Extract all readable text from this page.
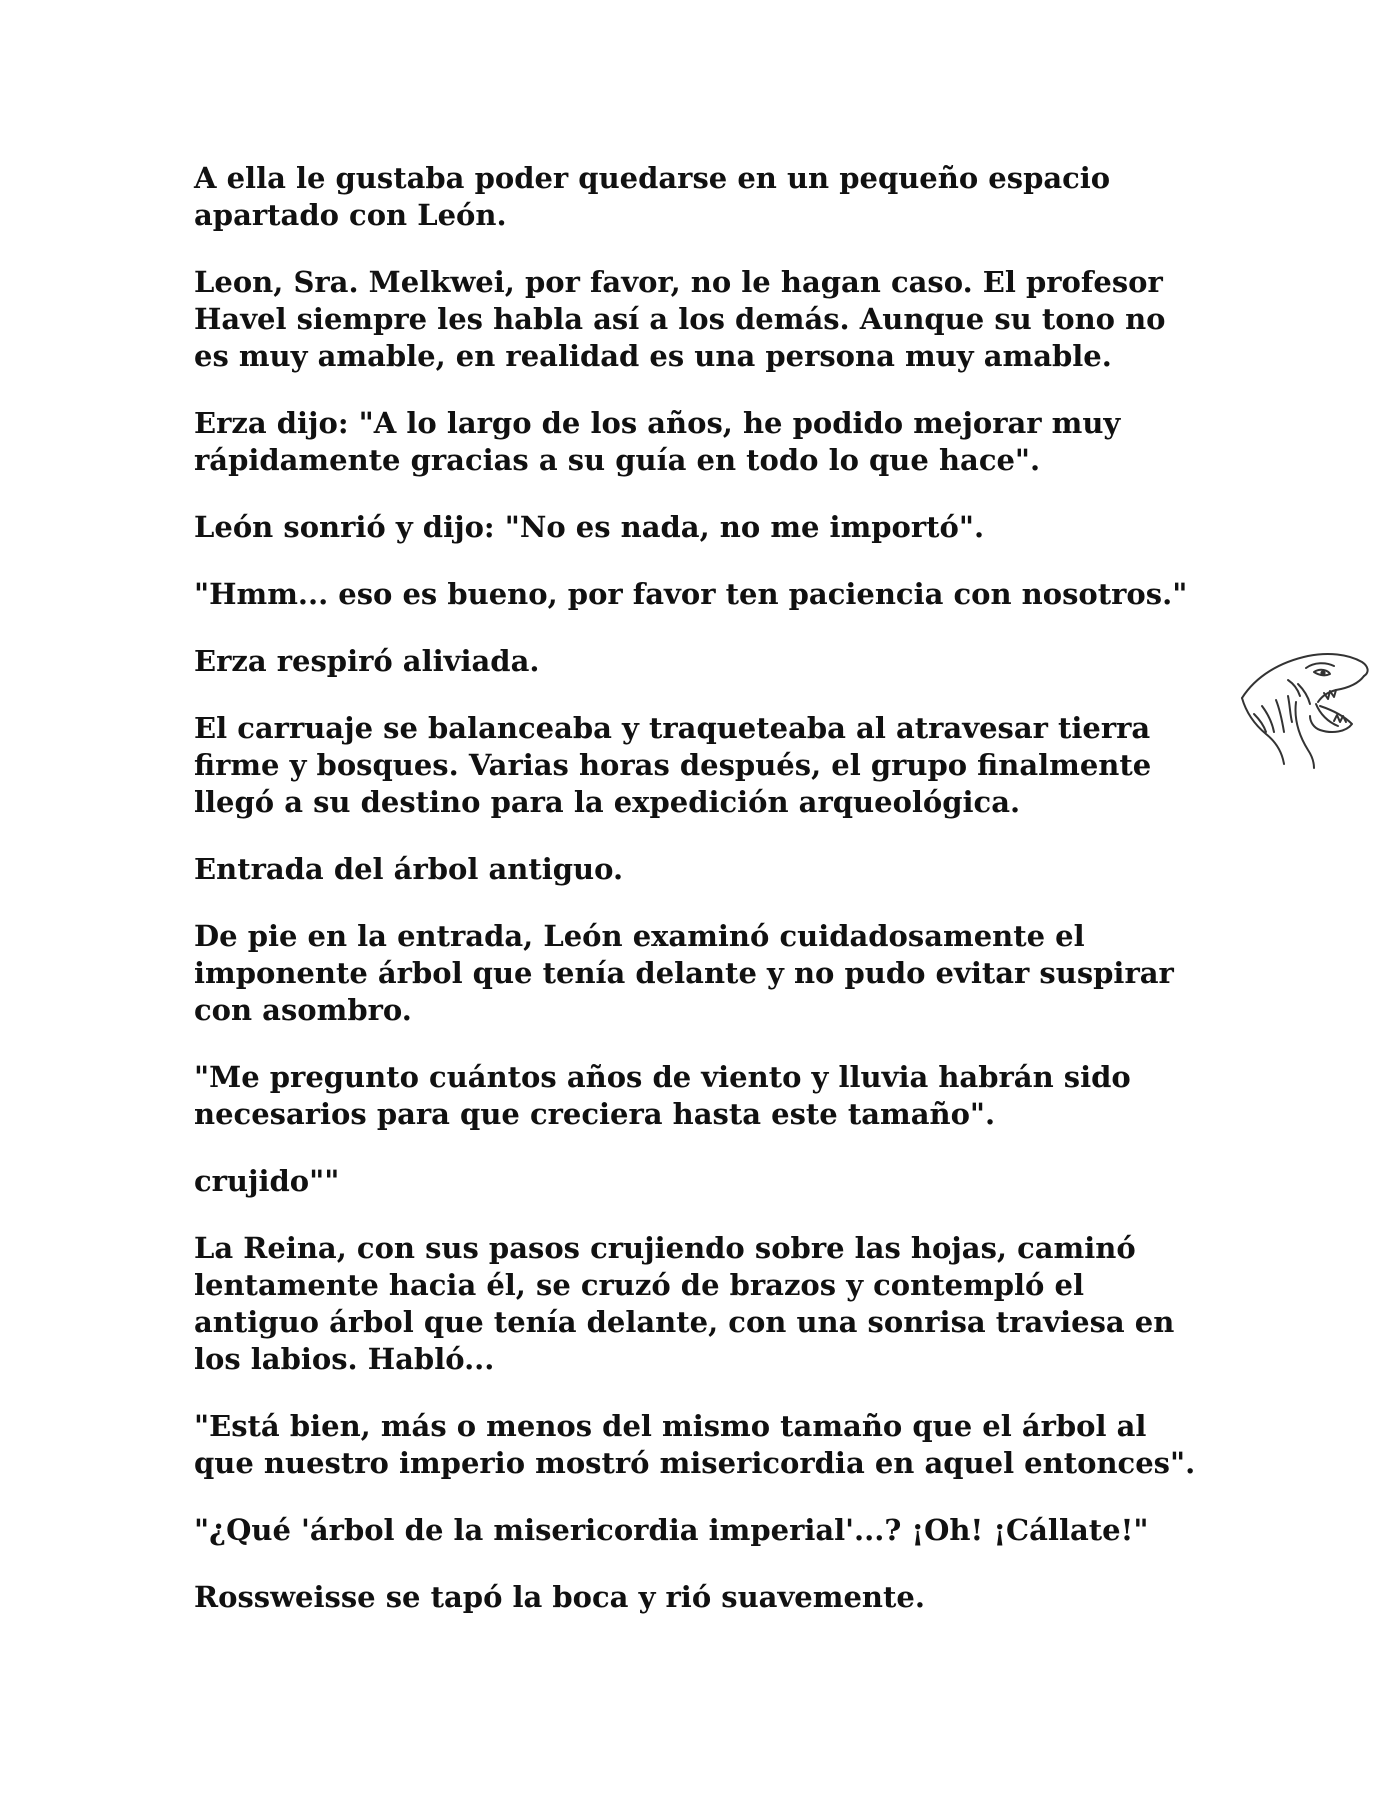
A ella le gustaba poder quedarse en un pequeño espacio apartado con León.

Leon, Sra. Melkwei, por favor, no le hagan caso. El profesor Havel siempre les habla así a los demás. Aunque su tono no es muy amable, en realidad es una persona muy amable.

Erza dijo: "A lo largo de los años, he podido mejorar muy rápidamente gracias a su guía en todo lo que hace".

León sonrió y dijo: "No es nada, no me importó".

"Hmm... eso es bueno, por favor ten paciencia con nosotros."

Erza respiró aliviada.

El carruaje se balanceaba y traqueteaba al atravesar tierra firme y bosques. Varias horas después, el grupo finalmente llegó a su destino para la expedición arqueológica.

Entrada del árbol antiguo.

De pie en la entrada, León examinó cuidadosamente el imponente árbol que tenía delante y no pudo evitar suspirar con asombro.

"Me pregunto cuántos años de viento y lluvia habrán sido necesarios para que creciera hasta este tamaño".

crujido""

La Reina, con sus pasos crujiendo sobre las hojas, caminó lentamente hacia él, se cruzó de brazos y contempló el antiguo árbol que tenía delante, con una sonrisa traviesa en los labios. Habló...

"Está bien, más o menos del mismo tamaño que el árbol al que nuestro imperio mostró misericordia en aquel entonces".

"¿Qué 'árbol de la misericordia imperial'...? ¡Oh! ¡Cállate!"

Rossweisse se tapó la boca y rió suavemente.
